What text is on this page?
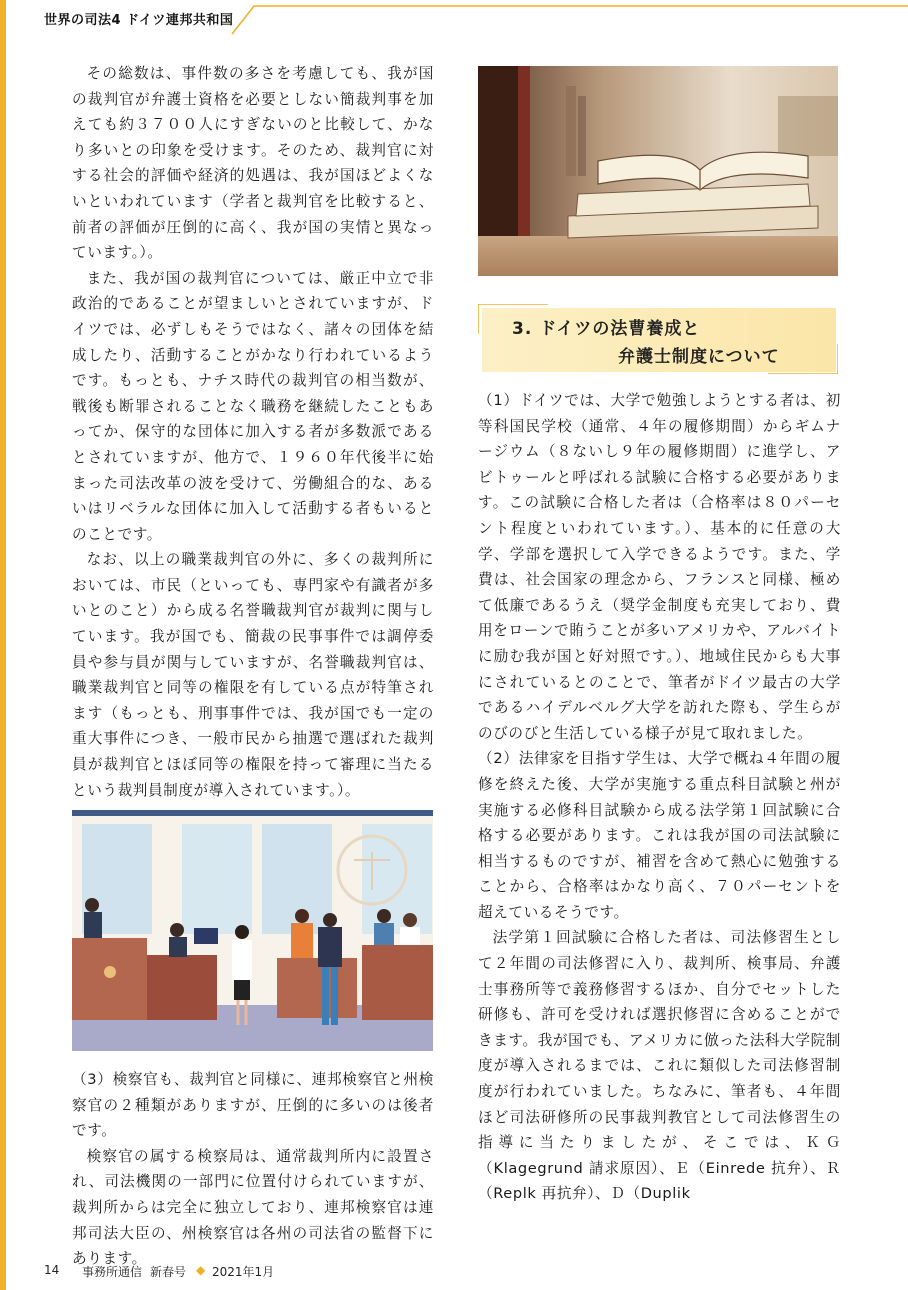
世界の司法4 ドイツ連邦共和国

その総数は、事件数の多さを考慮しても、我が国の裁判官が弁護士資格を必要としない簡裁判事を加えても約３７００人にすぎないのと比較して、かなり多いとの印象を受けます。そのため、裁判官に対する社会的評価や経済的処遇は、我が国ほどよくないといわれています（学者と裁判官を比較すると、前者の評価が圧倒的に高く、我が国の実情と異なっています。）。

また、我が国の裁判官については、厳正中立で非政治的であることが望ましいとされていますが、ドイツでは、必ずしもそうではなく、諸々の団体を結成したり、活動することがかなり行われているようです。もっとも、ナチス時代の裁判官の相当数が、戦後も断罪されることなく職務を継続したこともあってか、保守的な団体に加入する者が多数派であるとされていますが、他方で、１９６０年代後半に始まった司法改革の波を受けて、労働組合的な、あるいはリベラルな団体に加入して活動する者もいるとのことです。

なお、以上の職業裁判官の外に、多くの裁判所においては、市民（といっても、専門家や有識者が多いとのこと）から成る名誉職裁判官が裁判に関与しています。我が国でも、簡裁の民事事件では調停委員や参与員が関与していますが、名誉職裁判官は、職業裁判官と同等の権限を有している点が特筆されます（もっとも、刑事事件では、我が国でも一定の重大事件につき、一般市民から抽選で選ばれた裁判員が裁判官とほぼ同等の権限を持って審理に当たるという裁判員制度が導入されています。）。

3. ドイツの法曹養成と
弁護士制度について

（1）ドイツでは、大学で勉強しようとする者は、初等科国民学校（通常、４年の履修期間）からギムナージウム（８ないし９年の履修期間）に進学し、アビトゥールと呼ばれる試験に合格する必要があります。この試験に合格した者は（合格率は８０パーセント程度といわれています。）、基本的に任意の大学、学部を選択して入学できるようです。また、学費は、社会国家の理念から、フランスと同様、極めて低廉であるうえ（奨学金制度も充実しており、費用をローンで賄うことが多いアメリカや、アルバイトに励む我が国と好対照です。）、地域住民からも大事にされているとのことで、筆者がドイツ最古の大学であるハイデルベルグ大学を訪れた際も、学生らがのびのびと生活している様子が見て取れました。

（2）法律家を目指す学生は、大学で概ね４年間の履修を終えた後、大学が実施する重点科目試験と州が実施する必修科目試験から成る法学第１回試験に合格する必要があります。これは我が国の司法試験に相当するものですが、補習を含めて熱心に勉強することから、合格率はかなり高く、７０パーセントを超えているそうです。

法学第１回試験に合格した者は、司法修習生として２年間の司法修習に入り、裁判所、検事局、弁護士事務所等で義務修習するほか、自分でセットした研修も、許可を受ければ選択修習に含めることができます。我が国でも、アメリカに倣った法科大学院制度が導入されるまでは、これに類似した司法修習制度が行われていました。ちなみに、筆者も、４年間ほど司法研修所の民事裁判教官として司法修習生の指導に当たりましたが、そこでは、ＫＧ（Klagegrund 請求原因）、Ｅ（Einrede 抗弁）、Ｒ（Replk 再抗弁）、Ｄ（Duplik

（3）検察官も、裁判官と同様に、連邦検察官と州検察官の２種類がありますが、圧倒的に多いのは後者です。

検察官の属する検察局は、通常裁判所内に設置され、司法機関の一部門に位置付けられていますが、裁判所からは完全に独立しており、連邦検察官は連邦司法大臣の、州検察官は各州の司法省の監督下にあります。

14 事務所通信 新春号 ◆ 2021年1月
